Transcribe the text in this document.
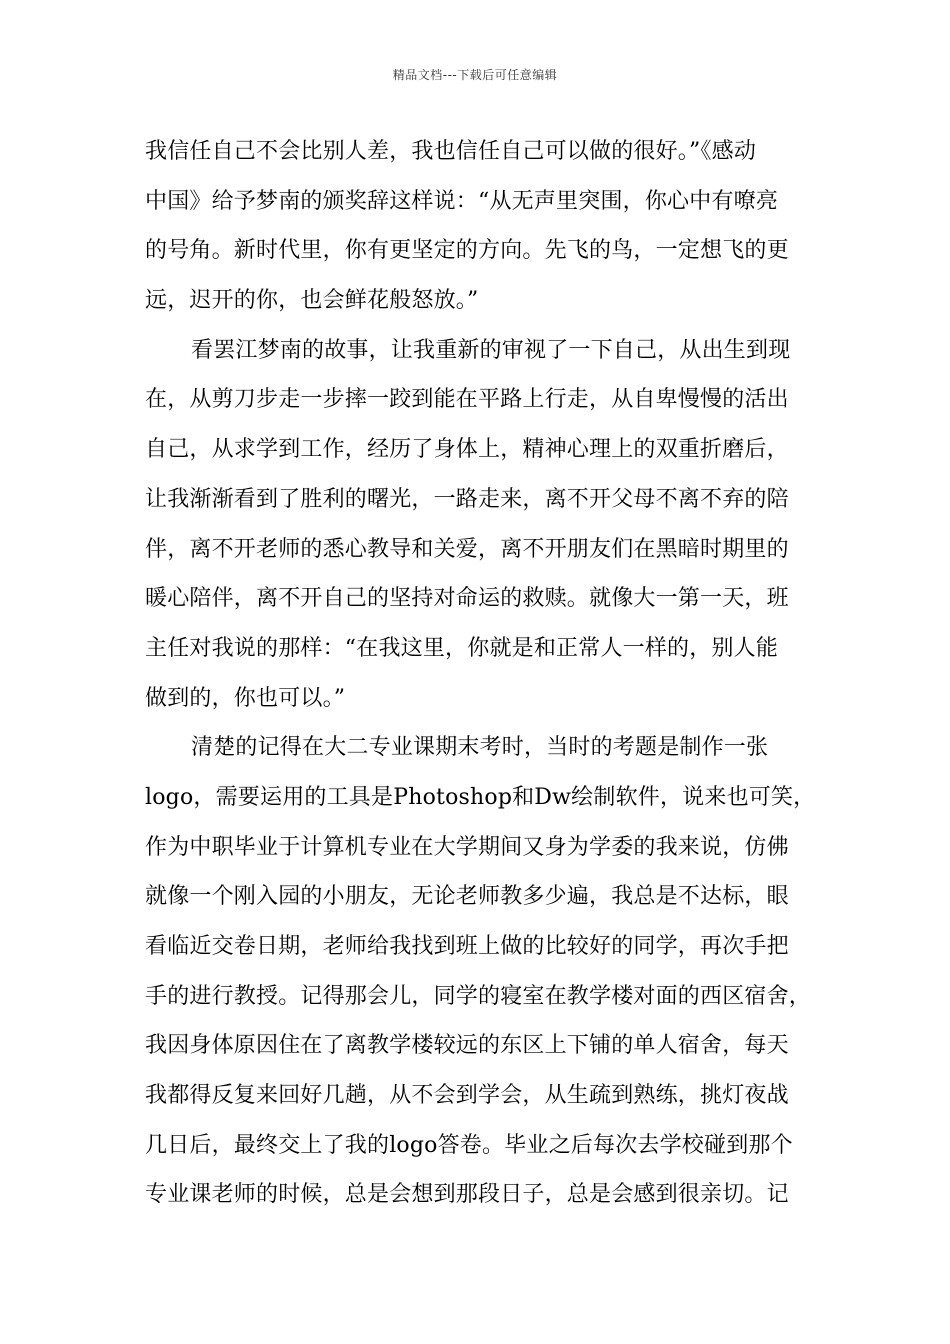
精品文档---下载后可任意编辑
我信任自己不会比别人差，我也信任自己可以做的很好。”《感动
中国》给予梦南的颁奖辞这样说：“从无声里突围，你心中有嘹亮
的号角。新时代里，你有更坚定的方向。先飞的鸟，一定想飞的更
远，迟开的你，也会鲜花般怒放。”
看罢江梦南的故事，让我重新的审视了一下自己，从出生到现
在，从剪刀步走一步摔一跤到能在平路上行走，从自卑慢慢的活出
自己，从求学到工作，经历了身体上，精神心理上的双重折磨后，
让我渐渐看到了胜利的曙光，一路走来，离不开父母不离不弃的陪
伴，离不开老师的悉心教导和关爱，离不开朋友们在黑暗时期里的
暖心陪伴，离不开自己的坚持对命运的救赎。就像大一第一天，班
主任对我说的那样：“在我这里，你就是和正常人一样的，别人能
做到的，你也可以。”
清楚的记得在大二专业课期末考时，当时的考题是制作一张
logo，需要运用的工具是Photoshop和Dw绘制软件，说来也可笑，
作为中职毕业于计算机专业在大学期间又身为学委的我来说，仿佛
就像一个刚入园的小朋友，无论老师教多少遍，我总是不达标，眼
看临近交卷日期，老师给我找到班上做的比较好的同学，再次手把
手的进行教授。记得那会儿，同学的寝室在教学楼对面的西区宿舍，
我因身体原因住在了离教学楼较远的东区上下铺的单人宿舍，每天
我都得反复来回好几趟，从不会到学会，从生疏到熟练，挑灯夜战
几日后，最终交上了我的logo答卷。毕业之后每次去学校碰到那个
专业课老师的时候，总是会想到那段日子，总是会感到很亲切。记
